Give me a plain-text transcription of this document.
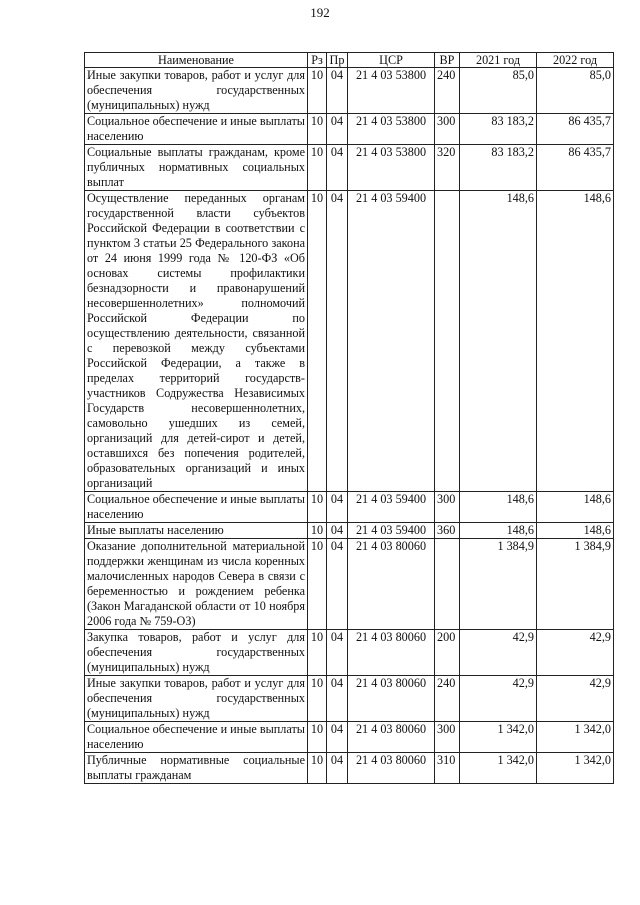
192
Наименование	Рз	Пр	ЦСР	ВР	2021 год	2022 год
Иные закупки товаров, работ и услуг для обеспечения государственных (муниципальных) нужд	10	04	21 4 03 53800	240	85,0	85,0
Социальное обеспечение и иные выплаты населению	10	04	21 4 03 53800	300	83 183,2	86 435,7
Социальные выплаты гражданам, кроме публичных нормативных социальных выплат	10	04	21 4 03 53800	320	83 183,2	86 435,7
Осуществление переданных органам государственной власти субъектов Российской Федерации в соответствии с пунктом 3 статьи 25 Федерального закона от 24 июня 1999 года № 120-ФЗ «Об основах системы профилактики безнадзорности и правонарушений несовершеннолетних» полномочий Российской Федерации по осуществлению деятельности, связанной с перевозкой между субъектами Российской Федерации, а также в пределах территорий государств-участников Содружества Независимых Государств несовершеннолетних, самовольно ушедших из семей, организаций для детей-сирот и детей, оставшихся без попечения родителей, образовательных организаций и иных организаций	10	04	21 4 03 59400		148,6	148,6
Социальное обеспечение и иные выплаты населению	10	04	21 4 03 59400	300	148,6	148,6
Иные выплаты населению	10	04	21 4 03 59400	360	148,6	148,6
Оказание дополнительной материальной поддержки женщинам из числа коренных малочисленных народов Севера в связи с беременностью и рождением ребенка (Закон Магаданской области от 10 ноября 2006 года № 759-ОЗ)	10	04	21 4 03 80060		1 384,9	1 384,9
Закупка товаров, работ и услуг для обеспечения государственных (муниципальных) нужд	10	04	21 4 03 80060	200	42,9	42,9
Иные закупки товаров, работ и услуг для обеспечения государственных (муниципальных) нужд	10	04	21 4 03 80060	240	42,9	42,9
Социальное обеспечение и иные выплаты населению	10	04	21 4 03 80060	300	1 342,0	1 342,0
Публичные нормативные социальные выплаты гражданам	10	04	21 4 03 80060	310	1 342,0	1 342,0
